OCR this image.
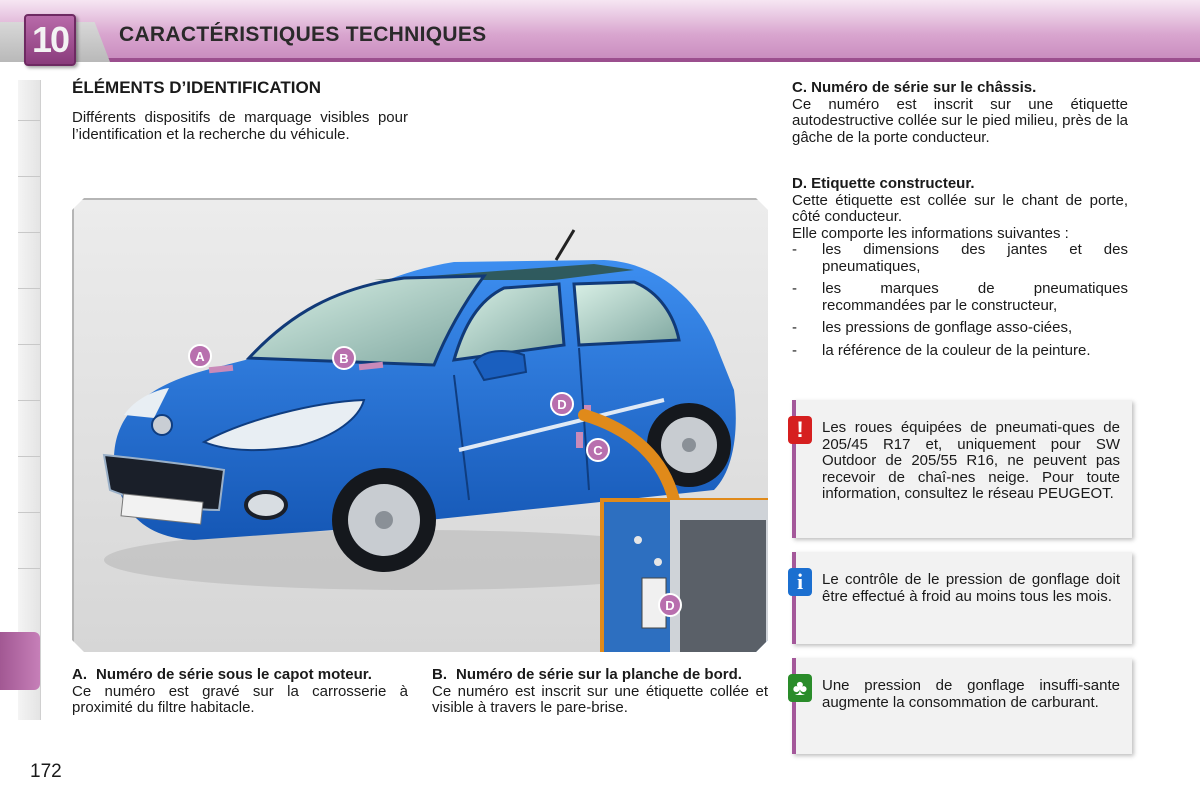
10	CARACTÉRISTIQUES TECHNIQUES
ÉLÉMENTS D’IDENTIFICATION
Différents dispositifs de marquage visibles pour l’identification et la recherche du véhicule.
A	B
C
D
D
A. Numéro de série sous le capot moteur.
Ce numéro est gravé sur la carrosserie à proximité du filtre habitacle.
B. Numéro de série sur la planche de bord.
Ce numéro est inscrit sur une étiquette collée et visible à travers le pare-brise.
C. Numéro de série sur le châssis.
Ce numéro est inscrit sur une étiquette autodestructive collée sur le pied milieu, près de la gâche de la porte conducteur.
D. Etiquette constructeur.
Cette étiquette est collée sur le chant de porte, côté conducteur.
Elle comporte les informations suivantes :
- les dimensions des jantes et des pneumatiques,
- les marques de pneumatiques recommandées par le constructeur,
- les pressions de gonflage asso-ciées,
- la référence de la couleur de la peinture.
!	Les roues équipées de pneumati-ques de 205/45 R17 et, uniquement pour SW Outdoor de 205/55 R16, ne peuvent pas recevoir de chaî-nes neige. Pour toute information, consultez le réseau PEUGEOT.
i	Le contrôle de le pression de gonflage doit être effectué à froid au moins tous les mois.
♣ Une pression de gonflage insuffi-sante augmente la consommation de carburant.
172
